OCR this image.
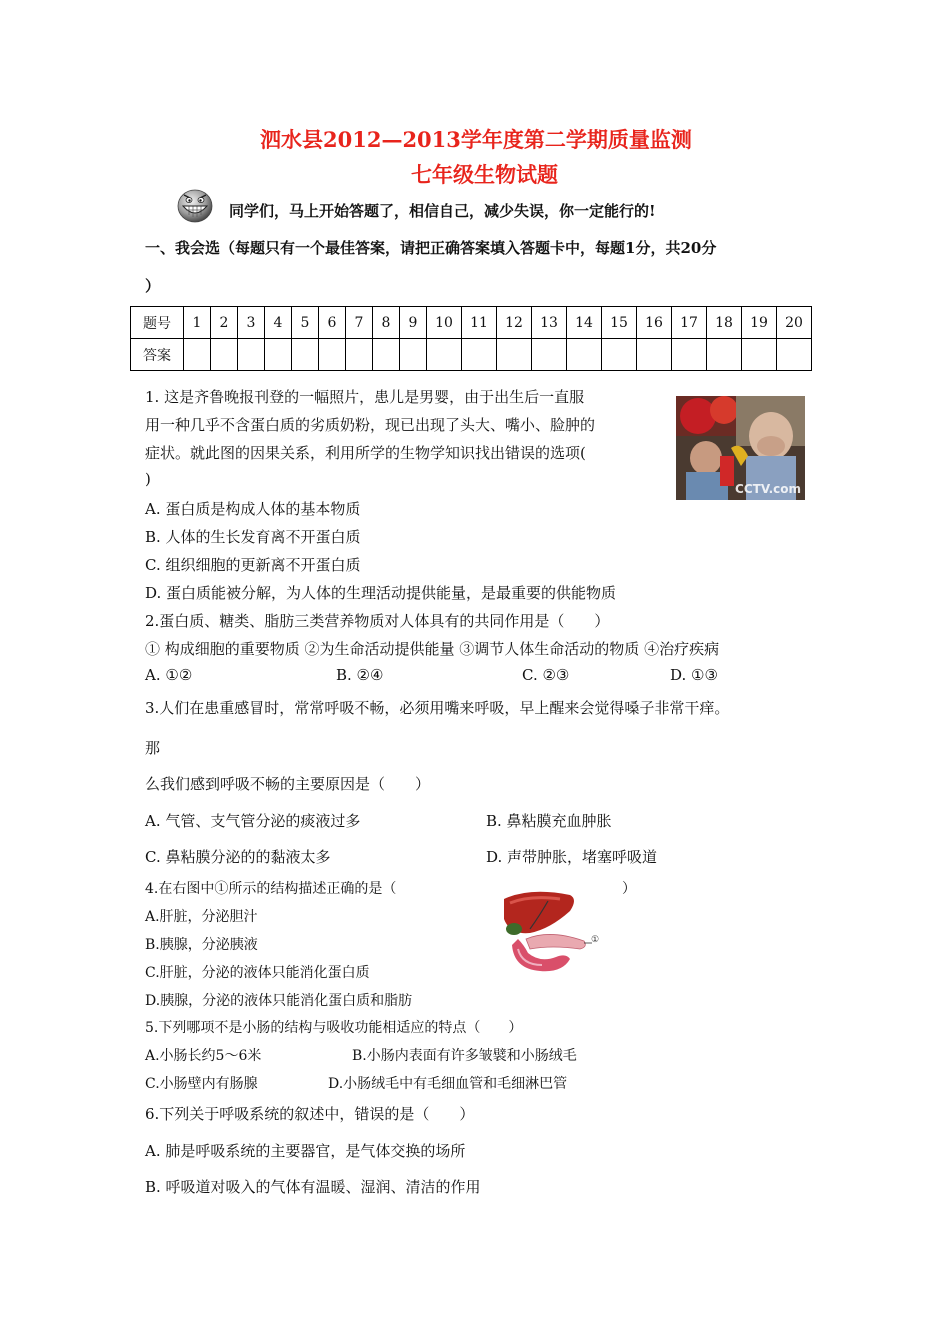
泗水县2012—2013学年度第二学期质量监测
七年级生物试题
同学们，马上开始答题了，相信自己，减少失误，你一定能行的!
一、我会选（每题只有一个最佳答案，请把正确答案填入答题卡中，每题1分，共20分
）
题号	1	2	3	4	5	6	7	8	9	10	11	12	13	14	15	16	17	18	19	20
答案																				
1. 这是齐鲁晚报刊登的一幅照片，患儿是男婴，由于出生后一直服
用一种几乎不含蛋白质的劣质奶粉，现已出现了头大、嘴小、脸肿的
症状。就此图的因果关系，利用所学的生物学知识找出错误的选项(
)
A. 蛋白质是构成人体的基本物质
B. 人体的生长发育离不开蛋白质
C. 组织细胞的更新离不开蛋白质
D. 蛋白质能被分解，为人体的生理活动提供能量，是最重要的供能物质
CCTV.com
2.蛋白质、糖类、脂肪三类营养物质对人体具有的共同作用是（　　）
① 构成细胞的重要物质 ②为生命活动提供能量 ③调节人体生命活动的物质 ④治疗疾病
A. ①②	B. ②④	C. ②③	D. ①③
3.人们在患重感冒时，常常呼吸不畅，必须用嘴来呼吸，早上醒来会觉得嗓子非常干痒。
那
么我们感到呼吸不畅的主要原因是（　　）
A. 气管、支气管分泌的痰液过多	B. 鼻粘膜充血肿胀
C. 鼻粘膜分泌的的黏液太多	D. 声带肿胀，堵塞呼吸道
4.在右图中①所示的结构描述正确的是（	）
A.肝脏，分泌胆汁
B.胰腺，分泌胰液
C.肝脏，分泌的液体只能消化蛋白质
D.胰腺，分泌的液体只能消化蛋白质和脂肪
①
5.下列哪项不是小肠的结构与吸收功能相适应的特点（　　）
A.小肠长约5～6米	B.小肠内表面有许多皱襞和小肠绒毛
C.小肠壁内有肠腺	D.小肠绒毛中有毛细血管和毛细淋巴管
6.下列关于呼吸系统的叙述中，错误的是（　　）
A. 肺是呼吸系统的主要器官，是气体交换的场所
B. 呼吸道对吸入的气体有温暖、湿润、清洁的作用
